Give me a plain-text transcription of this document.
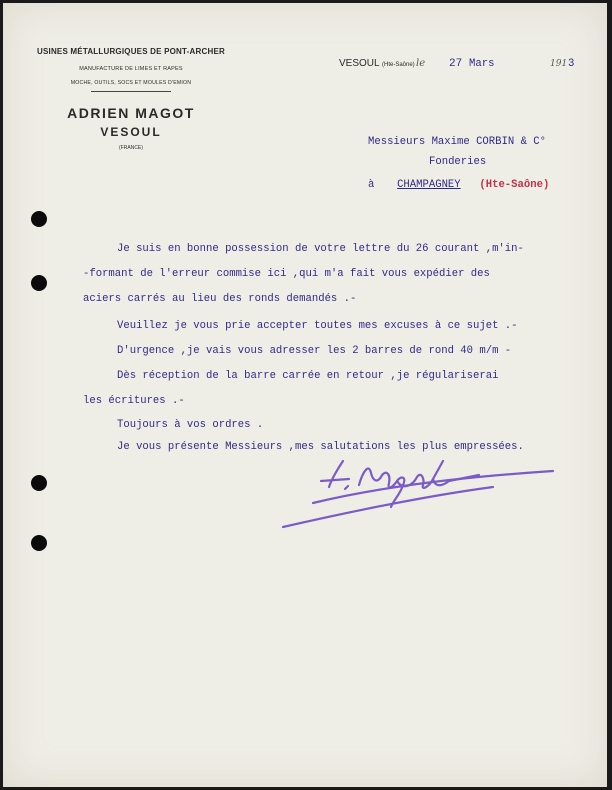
USINES MÉTALLURGIQUES DE PONT-ARCHER
MANUFACTURE DE LIMES ET RAPES
MOCHE, OUTILS, SOCS ET MOULES D'EMION
ADRIEN MAGOT
VESOUL
(FRANCE)
VESOUL (Hte-Saône) le 27 Mars	191 3
Messieurs Maxime CORBIN & C°
Fonderies
à CHAMPAGNEY (Hte-Saône)
Je suis en bonne possession de votre lettre du 26 courant ,m'in-
-formant de l'erreur commise ici ,qui m'a fait vous expédier des
aciers carrés au lieu des ronds demandés .-
Veuillez je vous prie accepter toutes mes excuses à ce sujet .-
D'urgence ,je vais vous adresser les 2 barres de rond 40 m/m -
Dès réception de la barre carrée en retour ,je régulariserai
les écritures .-
Toujours à vos ordres .
Je vous présente Messieurs ,mes salutations les plus empressées.
